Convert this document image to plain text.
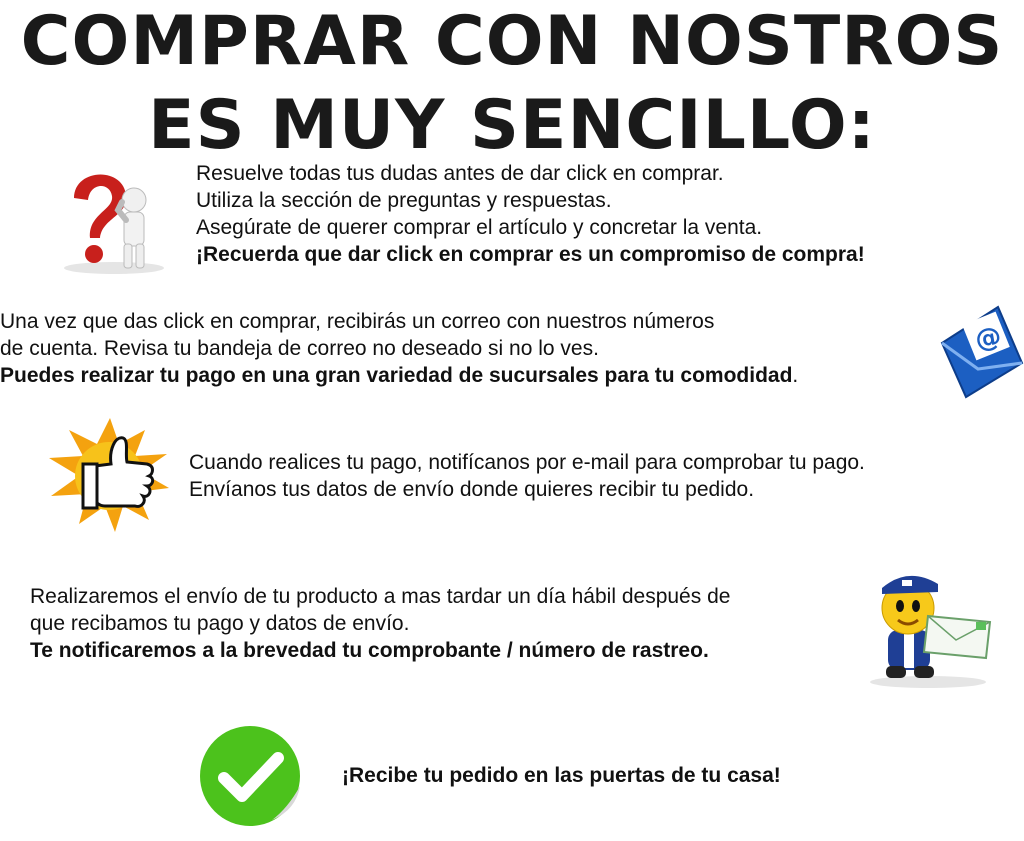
COMPRAR CON NOSTROS
ES MUY SENCILLO:

Resuelve todas tus dudas antes de dar click en comprar.
Utiliza la sección de preguntas y respuestas.
Asegúrate de querer comprar el artículo y concretar la venta.
¡Recuerda que dar click en comprar es un compromiso de compra!

Una vez que das click en comprar, recibirás un correo con nuestros números
de cuenta. Revisa tu bandeja de correo no deseado si no lo ves.
Puedes realizar tu pago en una gran variedad de sucursales para tu comodidad.

@

Cuando realices tu pago, notifícanos por e-mail para comprobar tu pago.
Envíanos tus datos de envío donde quieres recibir tu pedido.

Realizaremos el envío de tu producto a mas tardar un día hábil después de
que recibamos tu pago y datos de envío.
Te notificaremos a la brevedad tu comprobante / número de rastreo.

¡Recibe tu pedido en las puertas de tu casa!
